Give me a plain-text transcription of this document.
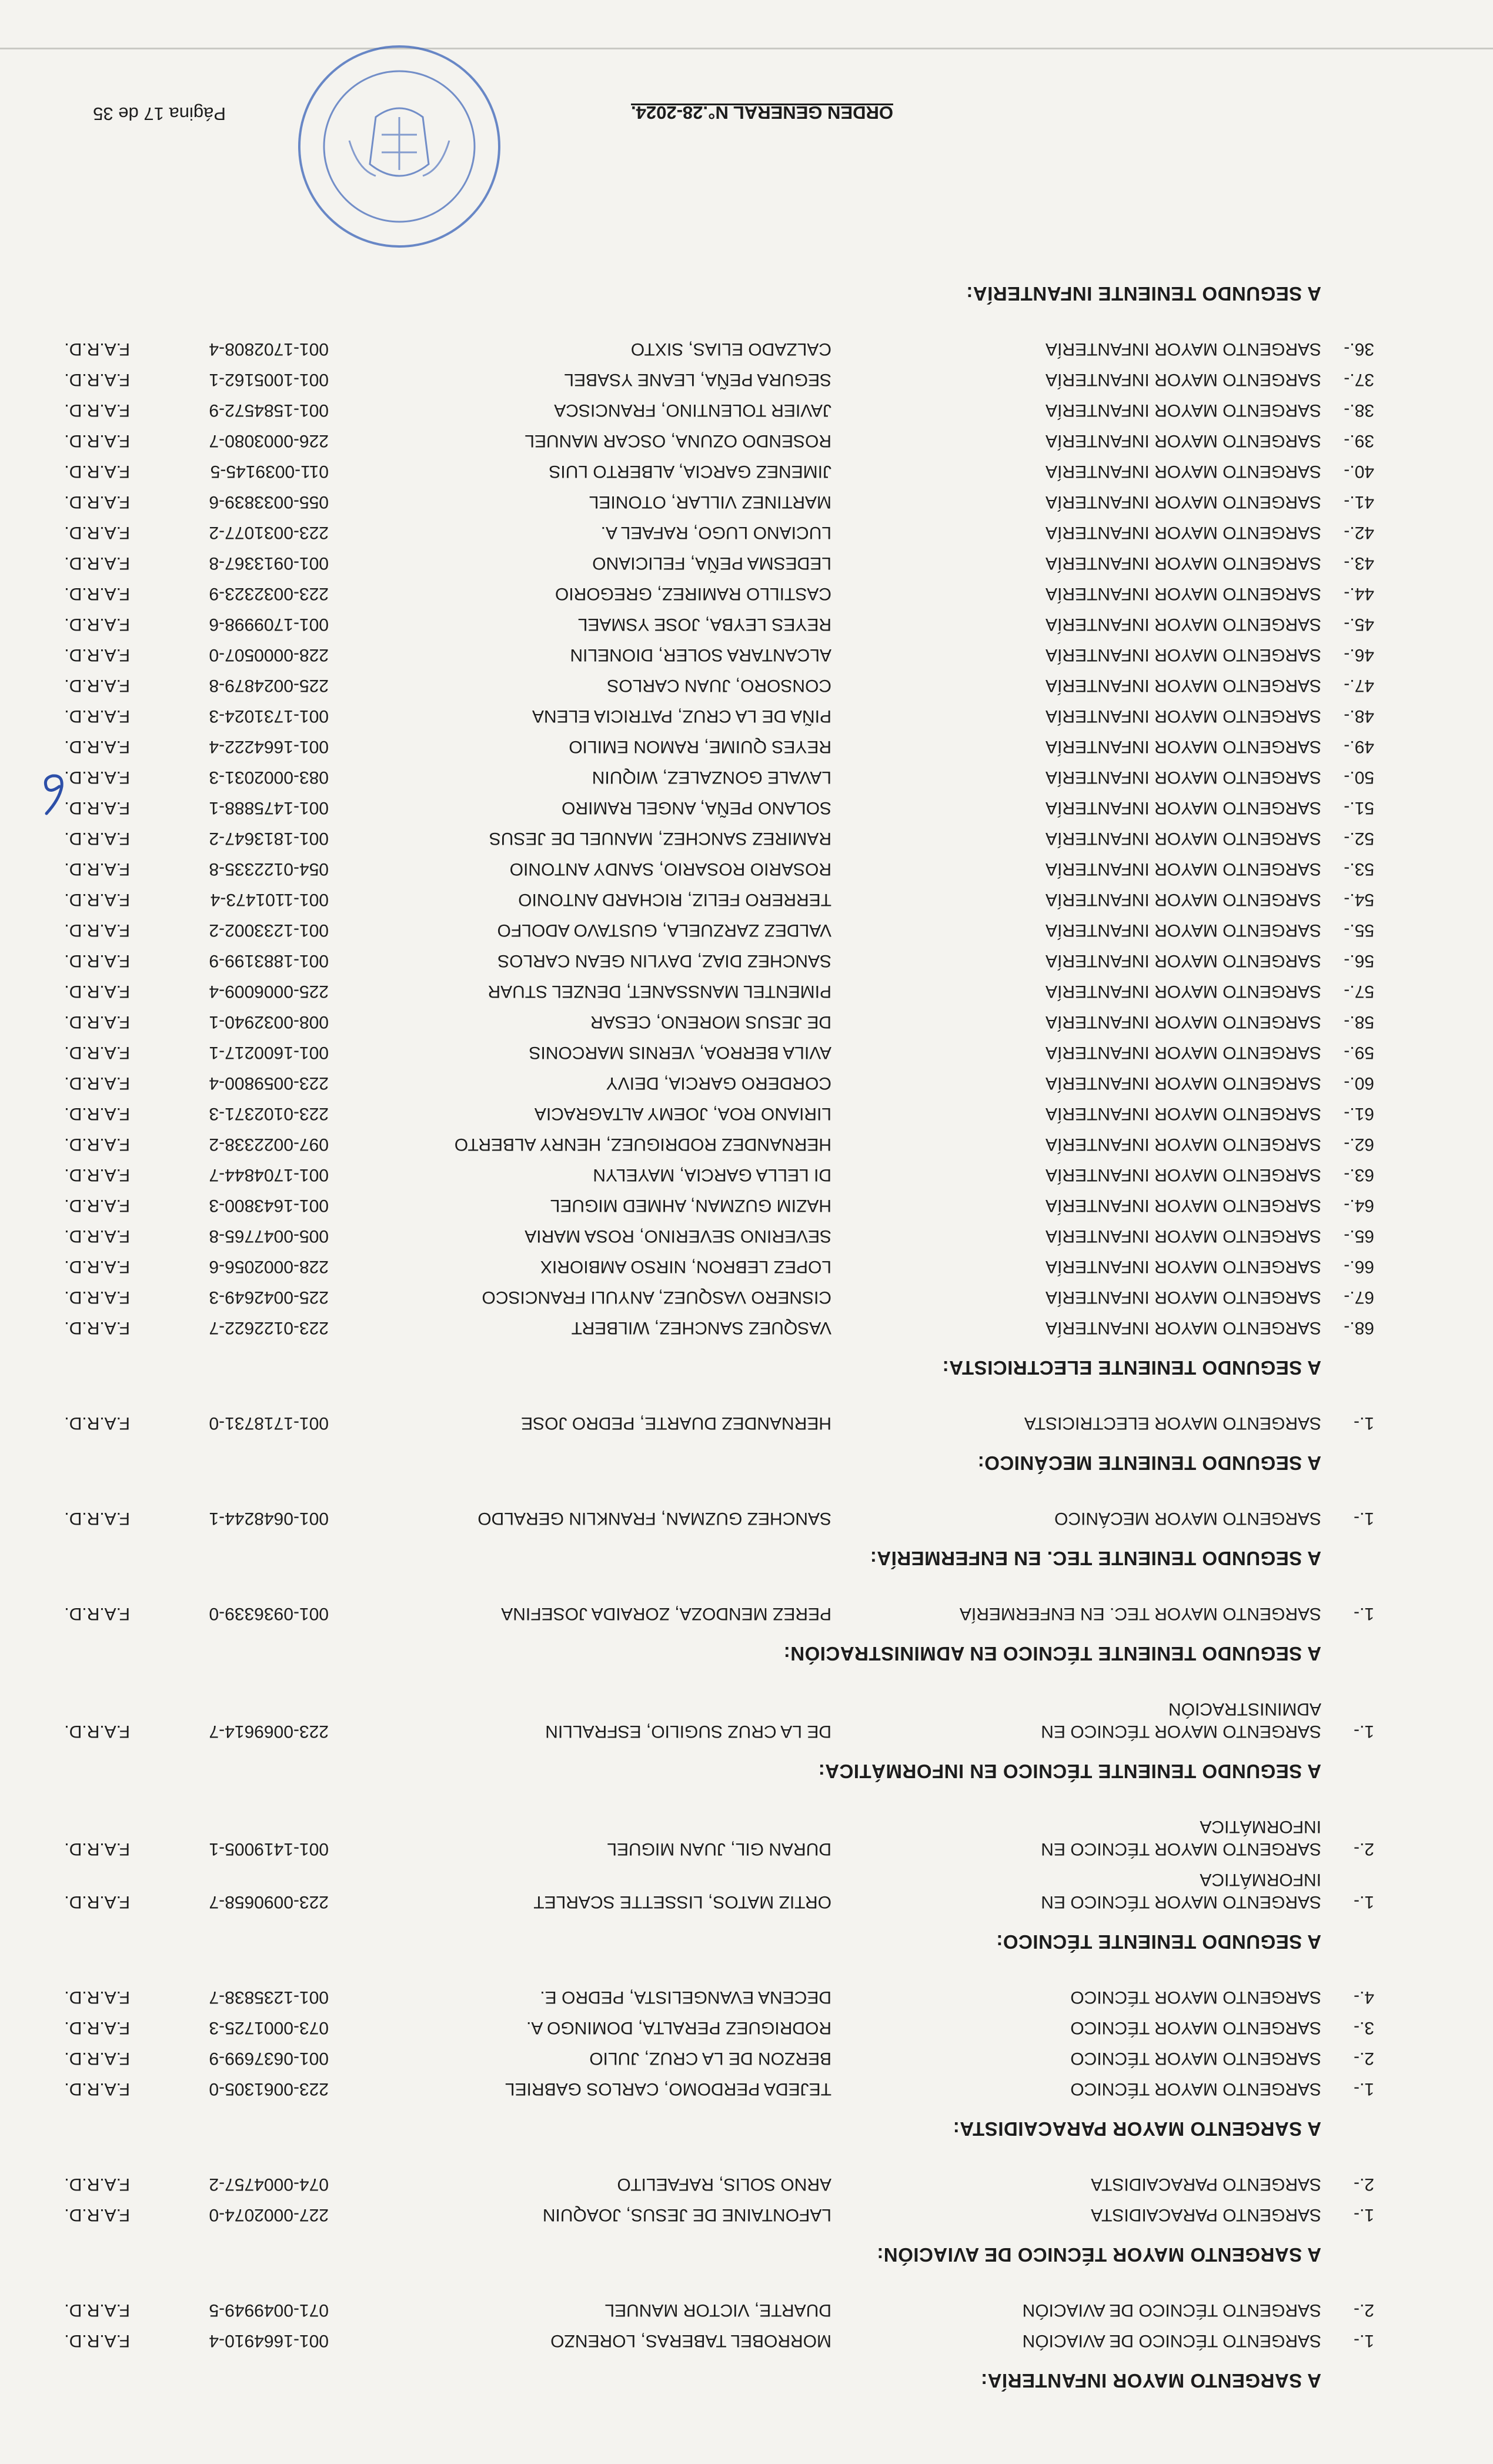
A SARGENTO MAYOR INFANTERÍA:
1.-
SARGENTO TÉCNICO DE AVIACIÓN
MORROBEL TABERAS, LORENZO
001-1664910-4
F.A.R.D.
2.-
SARGENTO TÉCNICO DE AVIACIÓN
DUARTE, VICTOR MANUEL
071-0049949-5
F.A.R.D.
A SARGENTO MAYOR TÉCNICO DE AVIACIÓN:
1.-
SARGENTO PARACAIDISTA
LAFONTAINE DE JESUS, JOAQUIN
227-0002074-0
F.A.R.D.
2.-
SARGENTO PARACAIDISTA
ARNO SOLIS, RAFAELITO
074-0004757-2
F.A.R.D.
A SARGENTO MAYOR PARACAIDISTA:
1.-
SARGENTO MAYOR TÉCNICO
TEJEDA PERDOMO, CARLOS GABRIEL
223-0061305-0
F.A.R.D.
2.-
SARGENTO MAYOR TÉCNICO
BERZON DE LA CRUZ, JULIO
001-0637699-9
F.A.R.D.
3.-
SARGENTO MAYOR TÉCNICO
RODRIGUEZ PERALTA, DOMINGO A.
073-0001725-3
F.A.R.D.
4.-
SARGENTO MAYOR TÉCNICO
DECENA EVANGELISTA, PEDRO E.
001-1235838-7
F.A.R.D.
A SEGUNDO TENIENTE TÉCNICO:
1.-
SARGENTO MAYOR TÉCNICO EN
ORTIZ MATOS, LISSETTE SCARLET
223-0090658-7
F.A.R.D.
INFORMÁTICA
2.-
SARGENTO MAYOR TÉCNICO EN
DURAN GIL, JUAN MIGUEL
001-1419005-1
F.A.R.D.
INFORMÁTICA
A SEGUNDO TENIENTE TÉCNICO EN INFORMÁTICA:
1.-
SARGENTO MAYOR TÉCNICO EN
DE LA CRUZ SUGILIO, ESFRALLIN
223-0069614-7
F.A.R.D.
ADMINISTRACIÓN
A SEGUNDO TENIENTE TÉCNICO EN ADMINISTRACIÓN:
1.-
SARGENTO MAYOR TEC. EN ENFERMERÍA
PEREZ MENDOZA, ZORAIDA JOSEFINA
001-0936339-0
F.A.R.D.
A SEGUNDO TENIENTE TEC. EN ENFERMERÍA:
1.-
SARGENTO MAYOR MECÁNICO
SANCHEZ GUZMAN, FRANKLIN GERALDO
001-0648244-1
F.A.R.D.
A SEGUNDO TENIENTE MECÁNICO:
1.-
SARGENTO MAYOR ELECTRICISTA
HERNANDEZ DUARTE, PEDRO JOSE
001-1718731-0
F.A.R.D.
A SEGUNDO TENIENTE ELECTRICISTA:
68.-
SARGENTO MAYOR INFANTERÍA
VASQUEZ SANCHEZ, WILBERT
223-0122622-7
F.A.R.D.
67.-
SARGENTO MAYOR INFANTERÍA
CISNERO VASQUEZ, ANYULI FRANCISCO
225-0042649-3
F.A.R.D.
66.-
SARGENTO MAYOR INFANTERÍA
LOPEZ LEBRON, NIRSO AMBIORIX
228-0002056-6
F.A.R.D.
65.-
SARGENTO MAYOR INFANTERÍA
SEVERINO SEVERINO, ROSA MARIA
005-0047765-8
F.A.R.D.
64.-
SARGENTO MAYOR INFANTERÍA
HAZIM GUZMAN, AHMED MIGUEL
001-1643800-3
F.A.R.D.
63.-
SARGENTO MAYOR INFANTERÍA
DI LELLA GARCIA, MAYELYN
001-1704844-7
F.A.R.D.
62.-
SARGENTO MAYOR INFANTERÍA
HERNANDEZ RODRIGUEZ, HENRY ALBERTO
097-0022338-2
F.A.R.D.
61.-
SARGENTO MAYOR INFANTERÍA
LIRIANO ROA, JOEMY ALTAGRACIA
223-0102371-3
F.A.R.D.
60.-
SARGENTO MAYOR INFANTERÍA
CORDERO GARCIA, DEIVY
223-0059800-4
F.A.R.D.
59.-
SARGENTO MAYOR INFANTERÍA
AVILA BERROA, VERNIS MARCONIS
001-1600217-1
F.A.R.D.
58.-
SARGENTO MAYOR INFANTERÍA
DE JESUS MORENO, CESAR
008-0032940-1
F.A.R.D.
57.-
SARGENTO MAYOR INFANTERÍA
PIMENTEL MANSSANET, DENZEL STUAR
225-0006009-4
F.A.R.D.
56.-
SARGENTO MAYOR INFANTERÍA
SANCHEZ DIAZ, DAYLIN GEAN CARLOS
001-1883199-9
F.A.R.D.
55.-
SARGENTO MAYOR INFANTERÍA
VALDEZ ZARZUELA, GUSTAVO ADOLFO
001-1233002-2
F.A.R.D.
54.-
SARGENTO MAYOR INFANTERÍA
TERRERO FELIZ, RICHARD ANTONIO
001-1101473-4
F.A.R.D.
53.-
SARGENTO MAYOR INFANTERÍA
ROSARIO ROSARIO, SANDY ANTONIO
054-0122335-8
F.A.R.D.
52.-
SARGENTO MAYOR INFANTERÍA
RAMIREZ SANCHEZ, MANUEL DE JESUS
001-1813647-2
F.A.R.D.
51.-
SARGENTO MAYOR INFANTERÍA
SOLANO PEÑA, ANGEL RAMIRO
001-1475888-1
F.A.R.D.
50.-
SARGENTO MAYOR INFANTERÍA
LAVALE GONZALEZ, WIQUIN
083-0002031-3
F.A.R.D.
49.-
SARGENTO MAYOR INFANTERÍA
REYES QUIME, RAMON EMILIO
001-1664222-4
F.A.R.D.
48.-
SARGENTO MAYOR INFANTERÍA
PIÑA DE LA CRUZ, PATRICIA ELENA
001-1731024-3
F.A.R.D.
47.-
SARGENTO MAYOR INFANTERÍA
CONSORO, JUAN CARLOS
225-0024879-8
F.A.R.D.
46.-
SARGENTO MAYOR INFANTERÍA
ALCANTARA SOLER, DIONELIN
228-0000507-0
F.A.R.D.
45.-
SARGENTO MAYOR INFANTERÍA
REYES LEYBA, JOSE YSMAEL
001-1709998-6
F.A.R.D.
44.-
SARGENTO MAYOR INFANTERÍA
CASTILLO RAMIREZ, GREGORIO
223-0032323-9
F.A.R.D.
43.-
SARGENTO MAYOR INFANTERÍA
LEDESMA PEÑA, FELICIANO
001-0913367-8
F.A.R.D.
42.-
SARGENTO MAYOR INFANTERÍA
LUCIANO LUGO, RAFAEL A.
223-0031077-2
F.A.R.D.
41.-
SARGENTO MAYOR INFANTERÍA
MARTINEZ VILLAR, OTONIEL
055-0033839-6
F.A.R.D.
40.-
SARGENTO MAYOR INFANTERÍA
JIMENEZ GARCIA, ALBERTO LUIS
011-0039145-5
F.A.R.D.
39.-
SARGENTO MAYOR INFANTERÍA
ROSENDO OZUNA, OSCAR MANUEL
226-0003080-7
F.A.R.D.
38.-
SARGENTO MAYOR INFANTERÍA
JAVIER TOLENTINO, FRANCISCA
001-1584572-9
F.A.R.D.
37.-
SARGENTO MAYOR INFANTERÍA
SEGURA PEÑA, LEANE YSABEL
001-1005162-1
F.A.R.D.
36.-
SARGENTO MAYOR INFANTERÍA
CALZADO ELIAS, SIXTO
001-1702808-4
F.A.R.D.
A SEGUNDO TENIENTE INFANTERÍA:
ORDEN GENERAL N°.28-2024.
Página 17 de 35
